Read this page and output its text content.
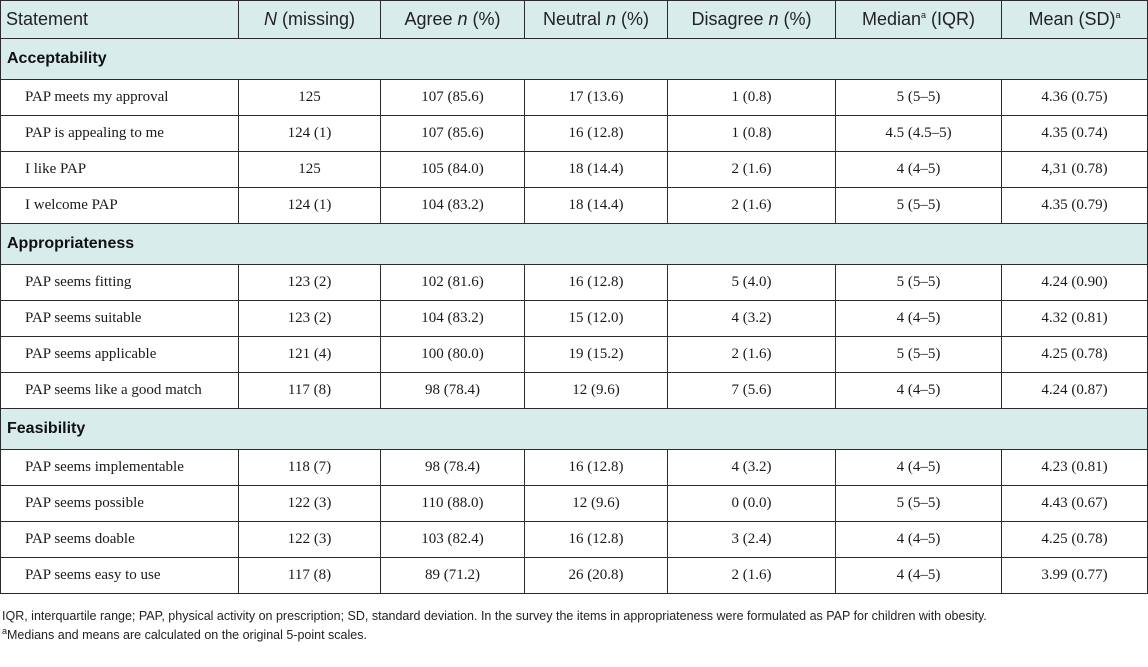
Statement	N (missing)	Agree n (%)	Neutral n (%)	Disagree n (%)	Median$^a$ (IQR)	Mean (SD)$^a$
Acceptability						
PAP meets my approval	125	107 (85.6)	17 (13.6)	1 (0.8)	5 (5–5)	4.36 (0.75)
PAP is appealing to me	124 (1)	107 (85.6)	16 (12.8)	1 (0.8)	4.5 (4.5–5)	4.35 (0.74)
I like PAP	125	105 (84.0)	18 (14.4)	2 (1.6)	4 (4–5)	4,31 (0.78)
I welcome PAP	124 (1)	104 (83.2)	18 (14.4)	2 (1.6)	5 (5–5)	4.35 (0.79)
Appropriateness						
PAP seems fitting	123 (2)	102 (81.6)	16 (12.8)	5 (4.0)	5 (5–5)	4.24 (0.90)
PAP seems suitable	123 (2)	104 (83.2)	15 (12.0)	4 (3.2)	4 (4–5)	4.32 (0.81)
PAP seems applicable	121 (4)	100 (80.0)	19 (15.2)	2 (1.6)	5 (5–5)	4.25 (0.78)
PAP seems like a good match	117 (8)	98 (78.4)	12 (9.6)	7 (5.6)	4 (4–5)	4.24 (0.87)
Feasibility						
PAP seems implementable	118 (7)	98 (78.4)	16 (12.8)	4 (3.2)	4 (4–5)	4.23 (0.81)
PAP seems possible	122 (3)	110 (88.0)	12 (9.6)	0 (0.0)	5 (5–5)	4.43 (0.67)
PAP seems doable	122 (3)	103 (82.4)	16 (12.8)	3 (2.4)	4 (4–5)	4.25 (0.78)
PAP seems easy to use	117 (8)	89 (71.2)	26 (20.8)	2 (1.6)	4 (4–5)	3.99 (0.77)

IQR, interquartile range; PAP, physical activity on prescription; SD, standard deviation. In the survey the items in appropriateness were formulated as PAP for children with obesity.

$^a$Medians and means are calculated on the original 5-point scales.
